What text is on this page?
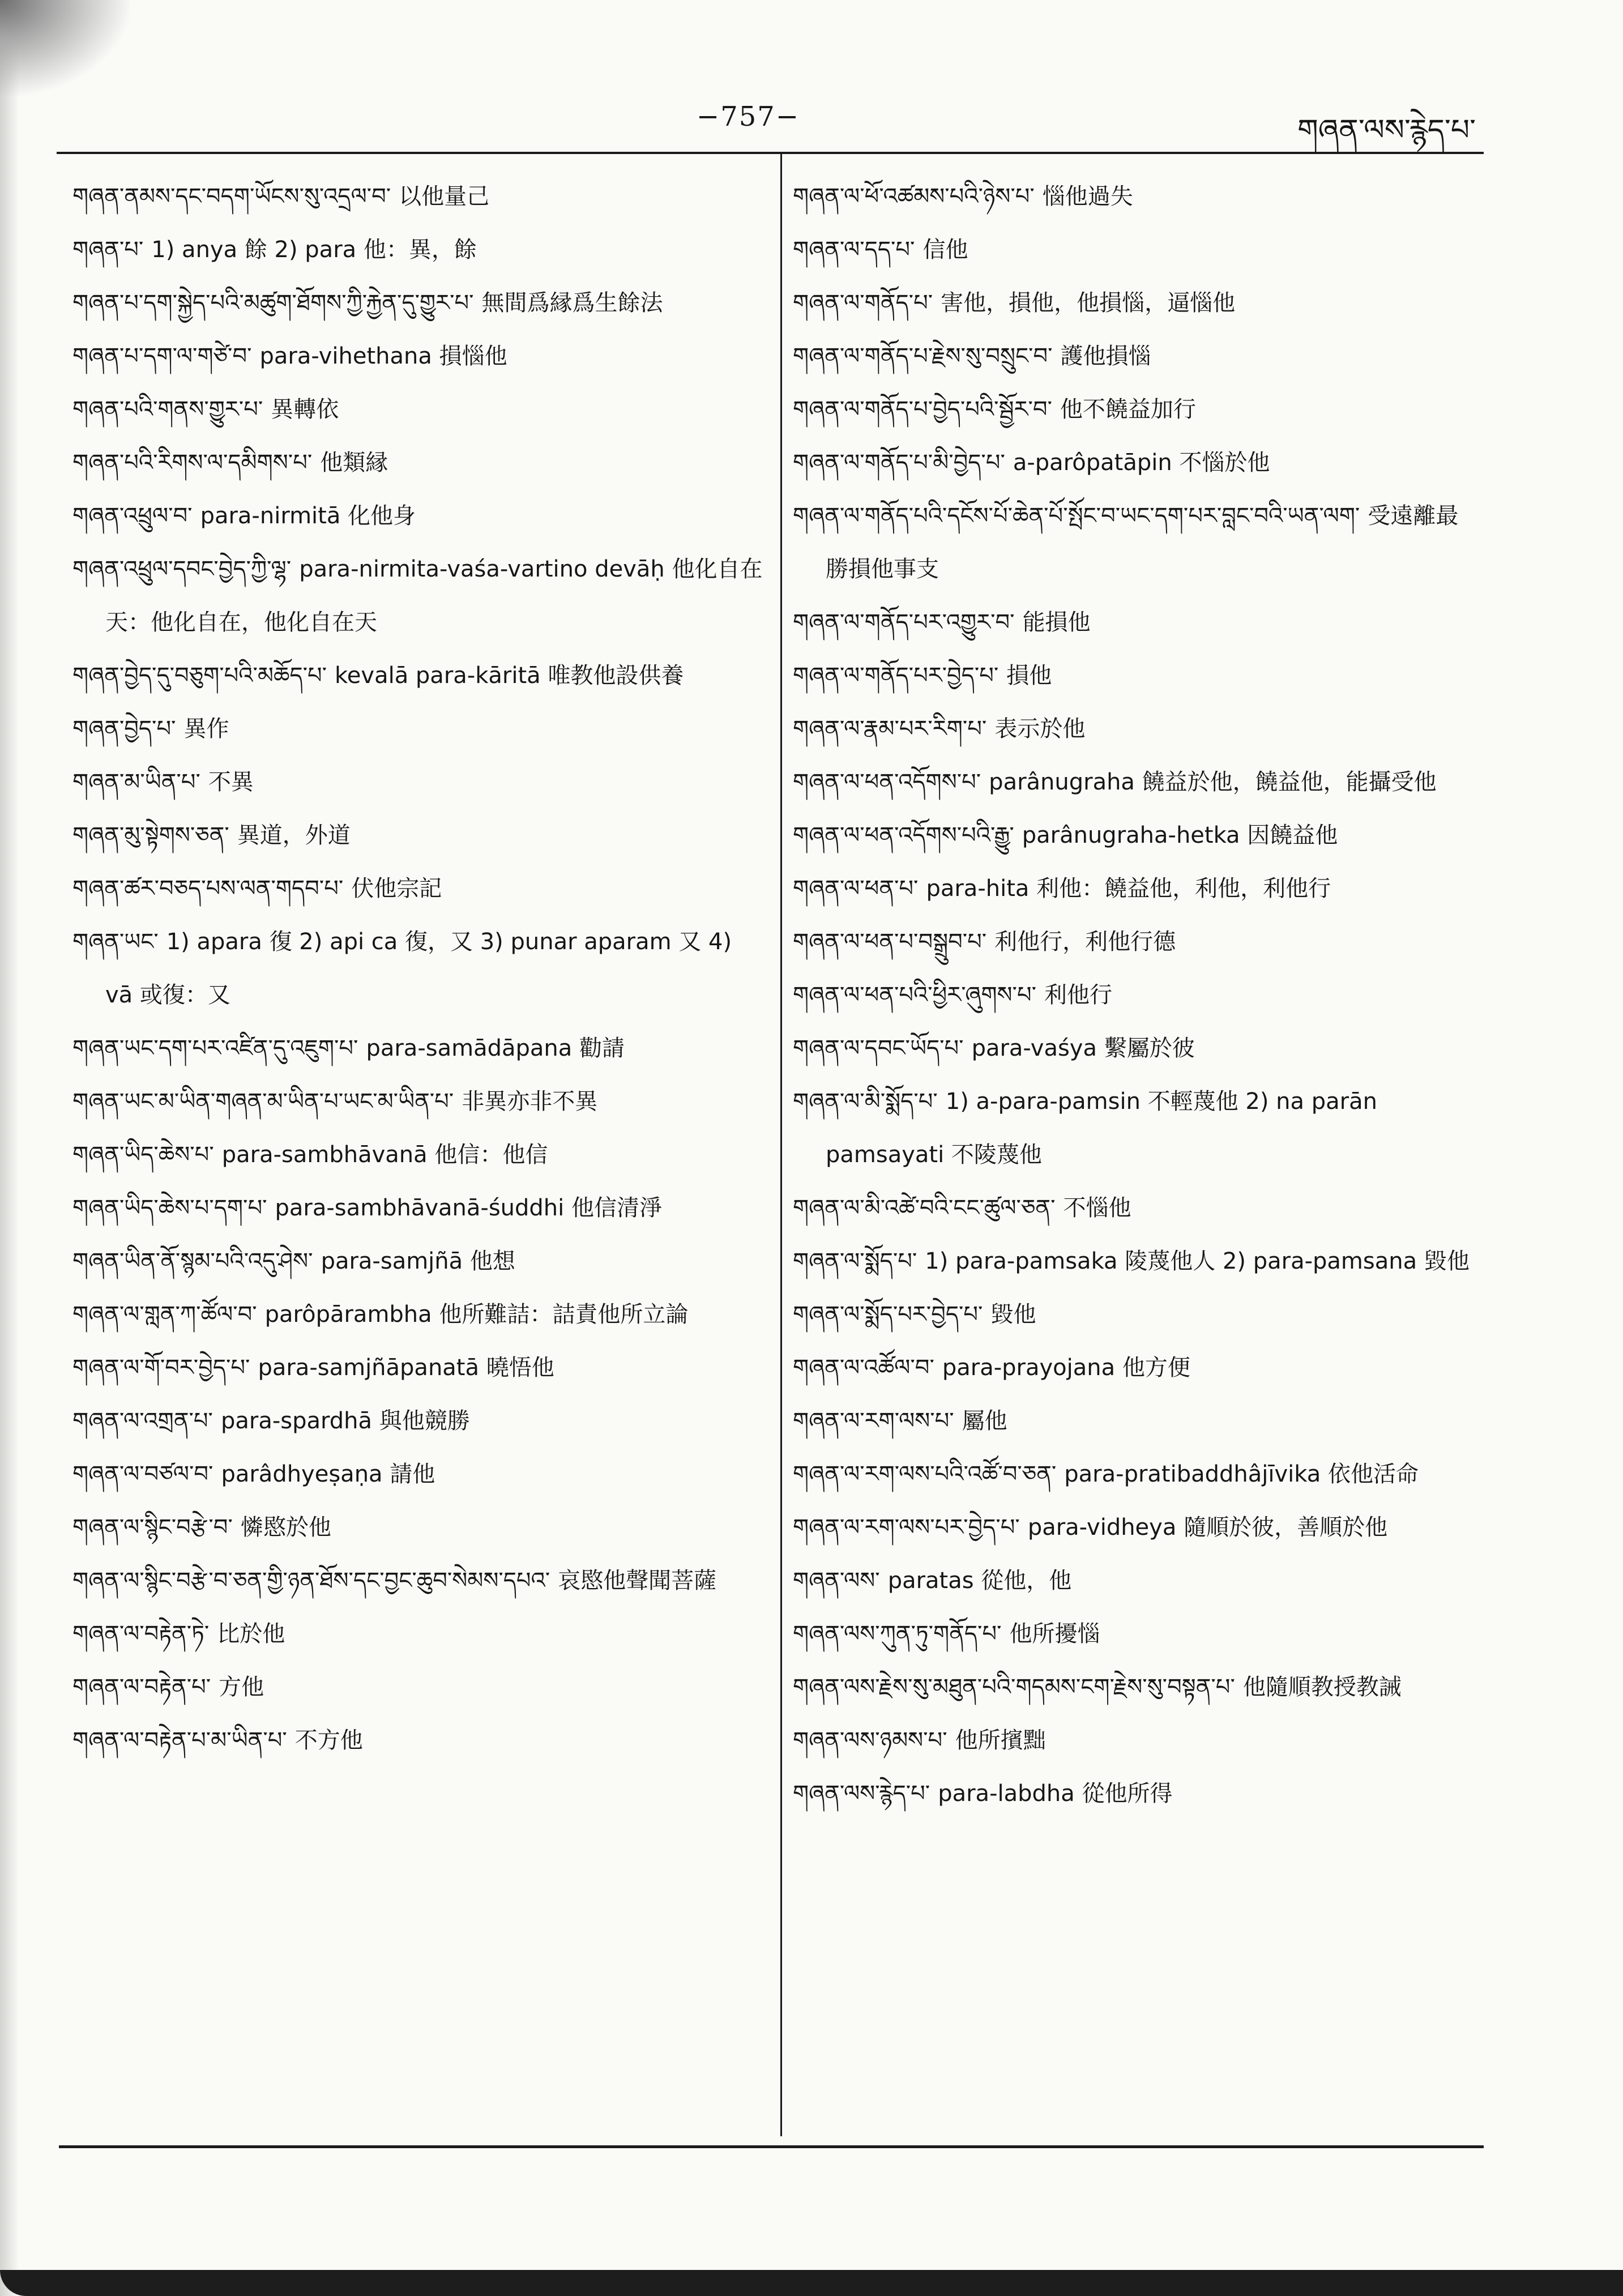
−757−	གཞན་ལས་རྙེད་པ་

གཞན་ནམས་དང་བདག་ཡོངས་སུ་འདྲལ་བ་ 以他量己

གཞན་པ་ 1) anya 餘 2) para 他：異，餘

གཞན་པ་དག་སྐྱེད་པའི་མཚུག་ཐོགས་ཀྱི་རྐྱེན་དུ་གྱུར་པ་ 無間爲縁爲生餘法

གཞན་པ་དག་ལ་གཙེ་བ་ para-vihethana 損惱他

གཞན་པའི་གནས་གྱུར་པ་ 異轉依

གཞན་པའི་རིགས་ལ་དམིགས་པ་ 他類縁

གཞན་འཕྲུལ་བ་ para-nirmitā 化他身

གཞན་འཕྲུལ་དབང་བྱེད་ཀྱི་ལྷ་ para-nirmita-vaśa-vartino devāḥ 他化自在天：他化自在，他化自在天

གཞན་བྱེད་དུ་བཅུག་པའི་མཆོད་པ་ kevalā para-kāritā 唯教他設供養

གཞན་བྱེད་པ་ 異作

གཞན་མ་ཡིན་པ་ 不異

གཞན་མུ་སྟེགས་ཅན་ 異道，外道

གཞན་ཚར་བཅད་པས་ལན་གདབ་པ་ 伏他宗記

གཞན་ཡང་ 1) apara 復 2) api ca 復，又 3) punar aparam 又 4) vā 或復：又

གཞན་ཡང་དག་པར་འཛིན་དུ་འཇུག་པ་ para-samādāpana 勸請

གཞན་ཡང་མ་ཡིན་གཞན་མ་ཡིན་པ་ཡང་མ་ཡིན་པ་ 非異亦非不異

གཞན་ཡིད་ཆེས་པ་ para-sambhāvanā 他信：他信

གཞན་ཡིད་ཆེས་པ་དག་པ་ para-sambhāvanā-śuddhi 他信清淨

གཞན་ཡིན་ནོ་སྙམ་པའི་འདུ་ཤེས་ para-samjñā 他想

གཞན་ལ་གླན་ཀ་ཚོལ་བ་ parôpārambha 他所難詰：詰責他所立論

གཞན་ལ་གོ་བར་བྱེད་པ་ para-samjñāpanatā 曉悟他

གཞན་ལ་འགྲན་པ་ para-spardhā 與他競勝

གཞན་ལ་བཙལ་བ་ parâdhyeṣaṇa 請他

གཞན་ལ་སྙིང་བརྩེ་བ་ 憐愍於他

གཞན་ལ་སྙིང་བརྩེ་བ་ཅན་གྱི་ཉན་ཐོས་དང་བྱང་ཆུབ་སེམས་དཔའ་ 哀愍他聲聞菩薩

གཞན་ལ་བརྟེན་ཏེ་ 比於他

གཞན་ལ་བརྟེན་པ་ 方他

གཞན་ལ་བརྟེན་པ་མ་ཡིན་པ་ 不方他

གཞན་ལ་ཕོ་འཚམས་པའི་ཉེས་པ་ 惱他過失

གཞན་ལ་དད་པ་ 信他

གཞན་ལ་གནོད་པ་ 害他，損他，他損惱，逼惱他

གཞན་ལ་གནོད་པ་རྗེས་སུ་བསྲུང་བ་ 護他損惱

གཞན་ལ་གནོད་པ་བྱེད་པའི་སྦྱོར་བ་ 他不饒益加行

གཞན་ལ་གནོད་པ་མི་བྱེད་པ་ a-parôpatāpin 不惱於他

གཞན་ལ་གནོད་པའི་དངོས་པོ་ཆེན་པོ་སྤོང་བ་ཡང་དག་པར་བླང་བའི་ཡན་ལག་ 受遠離最勝損他事支

གཞན་ལ་གནོད་པར་འགྱུར་བ་ 能損他

གཞན་ལ་གནོད་པར་བྱེད་པ་ 損他

གཞན་ལ་རྣམ་པར་རིག་པ་ 表示於他

གཞན་ལ་ཕན་འདོགས་པ་ parânugraha 饒益於他，饒益他，能攝受他

གཞན་ལ་ཕན་འདོགས་པའི་རྒྱུ་ parânugraha-hetka 因饒益他

གཞན་ལ་ཕན་པ་ para-hita 利他：饒益他，利他，利他行

གཞན་ལ་ཕན་པ་བསྒྲུབ་པ་ 利他行，利他行德

གཞན་ལ་ཕན་པའི་ཕྱིར་ཞུགས་པ་ 利他行

གཞན་ལ་དབང་ཡོད་པ་ para-vaśya 繫屬於彼

གཞན་ལ་མི་སྨོད་པ་ 1) a-para-pamsin 不輕蔑他 2) na parān pamsayati 不陵蔑他

གཞན་ལ་མི་འཚེ་བའི་ངང་ཚུལ་ཅན་ 不惱他

གཞན་ལ་སྨོད་པ་ 1) para-pamsaka 陵蔑他人 2) para-pamsana 毀他

གཞན་ལ་སྨོད་པར་བྱེད་པ་ 毀他

གཞན་ལ་འཚོལ་བ་ para-prayojana 他方便

གཞན་ལ་རག་ལས་པ་ 屬他

གཞན་ལ་རག་ལས་པའི་འཚོ་བ་ཅན་ para-pratibaddhâjīvika 依他活命

གཞན་ལ་རག་ལས་པར་བྱེད་པ་ para-vidheya 隨順於彼，善順於他

གཞན་ལས་ paratas 從他，他

གཞན་ལས་ཀུན་ཏུ་གནོད་པ་ 他所擾惱

གཞན་ལས་རྗེས་སུ་མཐུན་པའི་གདམས་ངག་རྗེས་སུ་བསྟན་པ་ 他隨順教授教誡

གཞན་ལས་ཉམས་པ་ 他所擯黜

གཞན་ལས་རྙེད་པ་ para-labdha 從他所得
